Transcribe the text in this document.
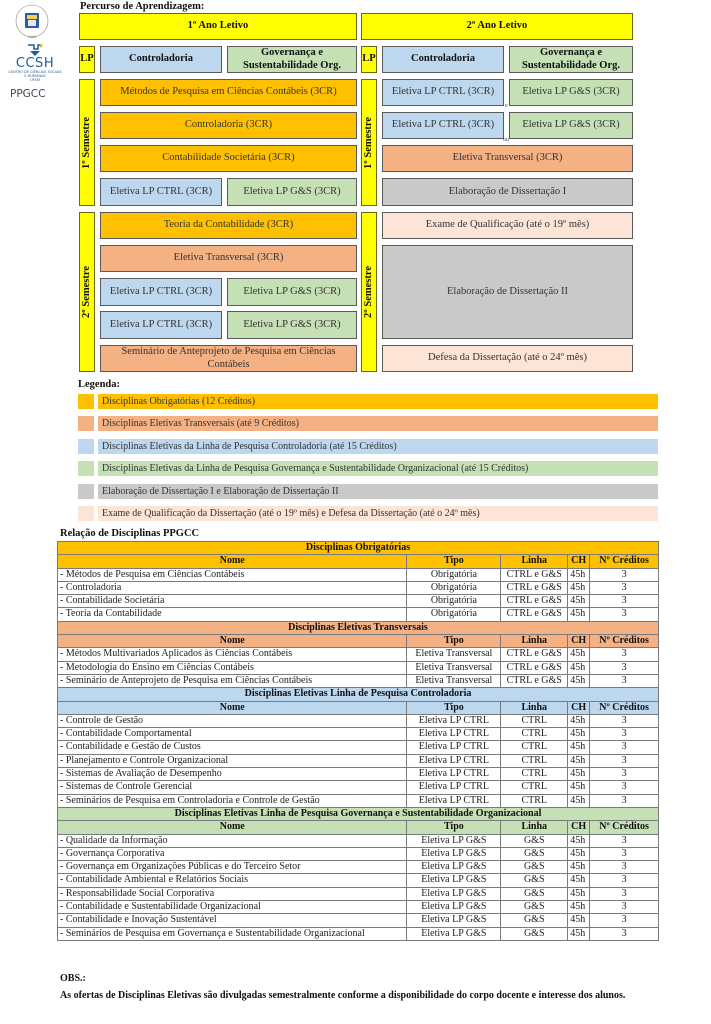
1960
CCSH
CENTRO DE CIÊNCIAS SOCIAIS E HUMANAS
UFSM
PPGCC
Percurso de Aprendizagem:
1º Ano Letivo	2º Ano Letivo
LP	Controladoria
Governança e Sustentabilidade Org.
LP	Controladoria
Governança e Sustentabilidade Org.
1º Semestre
Métodos de Pesquisa em Ciências Contábeis (3CR)
Controladoria (3CR)
Contabilidade Societária (3CR)
Eletiva LP CTRL (3CR)	Eletiva LP G&S (3CR)
2º Semestre
Teoria da Contabilidade (3CR)
Eletiva Transversal (3CR)
Eletiva LP CTRL (3CR)	Eletiva LP G&S (3CR)
Eletiva LP CTRL (3CR)	Eletiva LP G&S (3CR)
Seminário de Anteprojeto de Pesquisa em Ciências Contábeis
1º Semestre
Eletiva LP CTRL (3CR)	Eletiva LP G&S (3CR)
e
Eletiva LP CTRL (3CR)	Eletiva LP G&S (3CR)
ou
Eletiva Transversal (3CR)
Elaboração de Dissertação I
2º Semestre
Exame de Qualificação (até o 19º mês)
Elaboração de Dissertação II
Defesa da Dissertação (até o 24º mês)
Legenda:
Disciplinas Obrigatórias (12 Créditos)
Disciplinas Eletivas Transversais (até 9 Créditos)
Disciplinas Eletivas da Linha de Pesquisa Controladoria (até 15 Créditos)
Disciplinas Eletivas da Linha de Pesquisa Governança e Sustentabilidade Organizacional (até 15 Créditos)
Elaboração de Dissertação I e Elaboração de Dissertação II
Exame de Qualificação da Dissertação (até o 19º mês) e Defesa da Dissertação (até o 24º mês)
Relação de Disciplinas PPGCC
Disciplinas Obrigatórias				
Nome	Tipo	Linha	CH	Nº Créditos
- Métodos de Pesquisa em Ciências Contábeis	Obrigatória	CTRL e G&S	45h	3
- Controladoria	Obrigatória	CTRL e G&S	45h	3
- Contabilidade Societária	Obrigatória	CTRL e G&S	45h	3
- Teoria da Contabilidade	Obrigatória	CTRL e G&S	45h	3
Disciplinas Eletivas Transversais				
Nome	Tipo	Linha	CH	Nº Créditos
- Métodos Multivariados Aplicados às Ciências Contábeis	Eletiva Transversal	CTRL e G&S	45h	3
- Metodologia do Ensino em Ciências Contábeis	Eletiva Transversal	CTRL e G&S	45h	3
- Seminário de Anteprojeto de Pesquisa em Ciências Contábeis	Eletiva Transversal	CTRL e G&S	45h	3
Disciplinas Eletivas Linha de Pesquisa Controladoria				
Nome	Tipo	Linha	CH	Nº Créditos
- Controle de Gestão	Eletiva LP CTRL	CTRL	45h	3
- Contabilidade Comportamental	Eletiva LP CTRL	CTRL	45h	3
- Contabilidade e Gestão de Custos	Eletiva LP CTRL	CTRL	45h	3
- Planejamento e Controle Organizacional	Eletiva LP CTRL	CTRL	45h	3
- Sistemas de Avaliação de Desempenho	Eletiva LP CTRL	CTRL	45h	3
- Sistemas de Controle Gerencial	Eletiva LP CTRL	CTRL	45h	3
- Seminários de Pesquisa em Controladoria e Controle de Gestão	Eletiva LP CTRL	CTRL	45h	3
Disciplinas Eletivas Linha de Pesquisa Governança e Sustentabilidade Organizacional				
Nome	Tipo	Linha	CH	Nº Créditos
- Qualidade da Informação	Eletiva LP G&S	G&S	45h	3
- Governança Corporativa	Eletiva LP G&S	G&S	45h	3
- Governança em Organizações Públicas e do Terceiro Setor	Eletiva LP G&S	G&S	45h	3
- Contabilidade Ambiental e Relatórios Sociais	Eletiva LP G&S	G&S	45h	3
- Responsabilidade Social Corporativa	Eletiva LP G&S	G&S	45h	3
- Contabilidade e Sustentabilidade Organizacional	Eletiva LP G&S	G&S	45h	3
- Contabilidade e Inovação Sustentável	Eletiva LP G&S	G&S	45h	3
- Seminários de Pesquisa em Governança e Sustentabilidade Organizacional	Eletiva LP G&S	G&S	45h	3
OBS.:
As ofertas de Disciplinas Eletivas são divulgadas semestralmente conforme a disponibilidade do corpo docente e interesse dos alunos.
